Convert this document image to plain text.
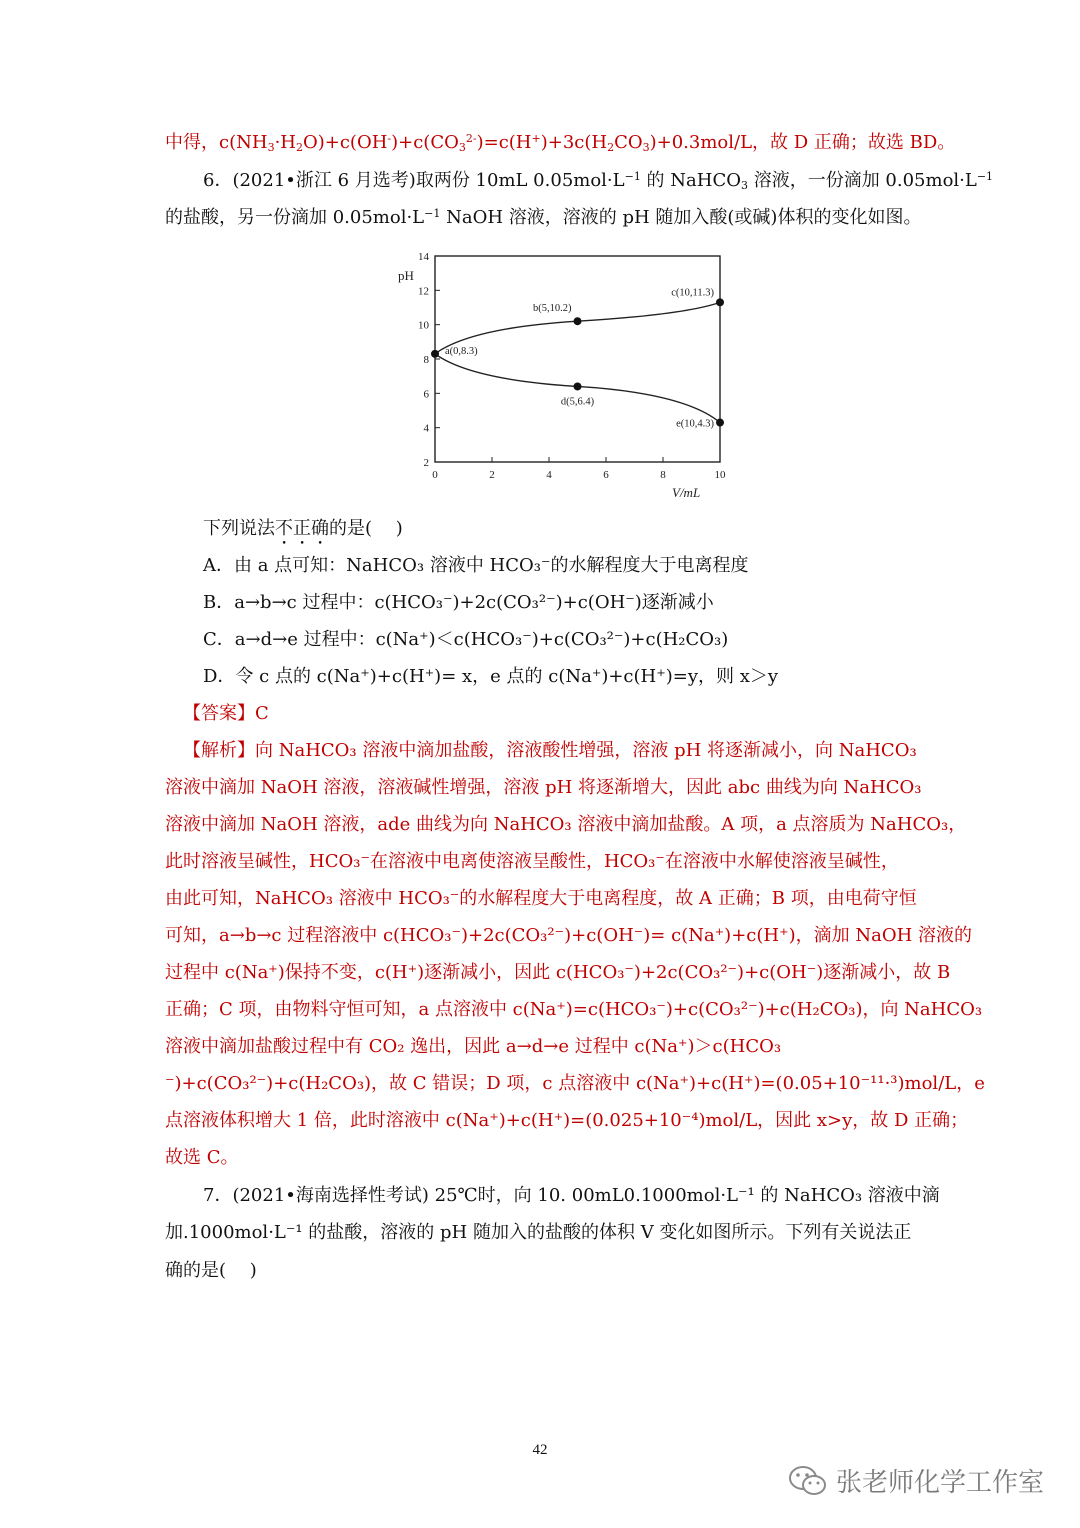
中得，$c(NH_3\cdot H_2O)+c(OH^-)+c(CO_3^{2-})=c(H^+)+3c(H_2CO_3)+0.3mol/L$，故 D 正确；故选 BD。
6．(2021•浙江 6 月选考)取两份 10mL $0.05mol\cdot L^{-1}$ 的 NaHCO$_3$ 溶液，一份滴加 $0.05mol\cdot L^{-1}$
的盐酸，另一份滴加 $0.05mol\cdot L^{-1}$ NaOH 溶液，溶液的 pH 随加入酸(或碱)体积的变化如图。
2
4
6
8
10
12
14
0	2	4	6	8	10
pH
V/mL
a(0,8.3)
b(5,10.2)
c(10,11.3)
d(5,6.4)
e(10,4.3)
下列说法不正确的是(　 )
A．由 a 点可知：NaHCO₃ 溶液中 HCO₃⁻的水解程度大于电离程度
B．a→b→c 过程中：c(HCO₃⁻)+2c(CO₃²⁻)+c(OH⁻)逐渐减小
C．a→d→e 过程中：c(Na⁺)＜c(HCO₃⁻)+c(CO₃²⁻)+c(H₂CO₃)
D．令 c 点的 c(Na⁺)+c(H⁺)= x，e 点的 c(Na⁺)+c(H⁺)=y，则 x＞y
【答案】C
【解析】向 NaHCO₃ 溶液中滴加盐酸，溶液酸性增强，溶液 pH 将逐渐减小，向 NaHCO₃
溶液中滴加 NaOH 溶液，溶液碱性增强，溶液 pH 将逐渐增大，因此 abc 曲线为向 NaHCO₃
溶液中滴加 NaOH 溶液，ade 曲线为向 NaHCO₃ 溶液中滴加盐酸。A 项，a 点溶质为 NaHCO₃，
此时溶液呈碱性，HCO₃⁻在溶液中电离使溶液呈酸性，HCO₃⁻在溶液中水解使溶液呈碱性，
由此可知，NaHCO₃ 溶液中 HCO₃⁻的水解程度大于电离程度，故 A 正确；B 项，由电荷守恒
可知，a→b→c 过程溶液中 c(HCO₃⁻)+2c(CO₃²⁻)+c(OH⁻)= c(Na⁺)+c(H⁺)，滴加 NaOH 溶液的
过程中 c(Na⁺)保持不变，c(H⁺)逐渐减小，因此 c(HCO₃⁻)+2c(CO₃²⁻)+c(OH⁻)逐渐减小，故 B
正确；C 项，由物料守恒可知，a 点溶液中 c(Na⁺)=c(HCO₃⁻)+c(CO₃²⁻)+c(H₂CO₃)，向 NaHCO₃
溶液中滴加盐酸过程中有 CO₂ 逸出，因此 a→d→e 过程中 c(Na⁺)＞c(HCO₃
⁻)+c(CO₃²⁻)+c(H₂CO₃)，故 C 错误；D 项，c 点溶液中 c(Na⁺)+c(H⁺)=(0.05+10⁻¹¹·³)mol/L，e
点溶液体积增大 1 倍，此时溶液中 c(Na⁺)+c(H⁺)=(0.025+10⁻⁴)mol/L，因此 x>y，故 D 正确；
故选 C。
7．(2021•海南选择性考试) 25℃时，向 10. 00mL0.1000mol·L⁻¹ 的 NaHCO₃ 溶液中滴
加.1000mol·L⁻¹ 的盐酸，溶液的 pH 随加入的盐酸的体积 V 变化如图所示。下列有关说法正
确的是(　 )
42
张老师化学工作室
